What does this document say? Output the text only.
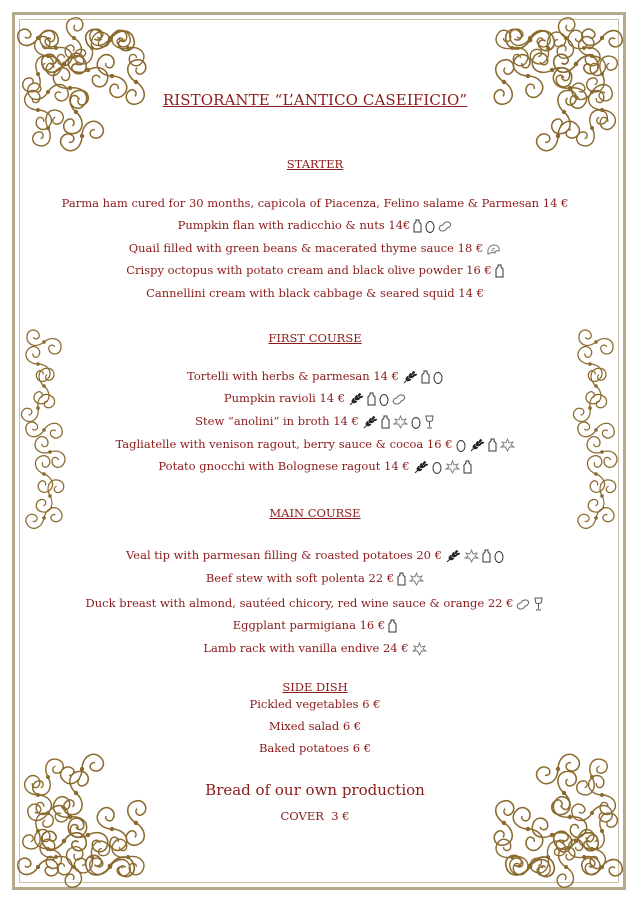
RISTORANTE “L’ANTICO CASEIFICIO”
STARTER
Parma ham cured for 30 months, capicola of Piacenza, Felino salame & Parmesan 14 €
Pumpkin flan with radicchio & nuts 14€
Quail filled with green beans & macerated thyme sauce 18 €
Crispy octopus with potato cream and black olive powder 16 €
Cannellini cream with black cabbage & seared squid 14 €
FIRST COURSE
Tortelli with herbs & parmesan 14 €
Pumpkin ravioli 14 €
Stew “anolini” in broth 14 €
Tagliatelle with venison ragout, berry sauce & cocoa 16 €
Potato gnocchi with Bolognese ragout 14 €
MAIN COURSE
Veal tip with parmesan filling & roasted potatoes 20 €
Beef stew with soft polenta 22 €
Duck breast with almond, sautéed chicory, red wine sauce & orange 22 €
Eggplant parmigiana 16 €
Lamb rack with vanilla endive 24 €
SIDE DISH
Pickled vegetables 6 €
Mixed salad 6 €
Baked potatoes 6 €
Bread of our own production
COVER  3 €
